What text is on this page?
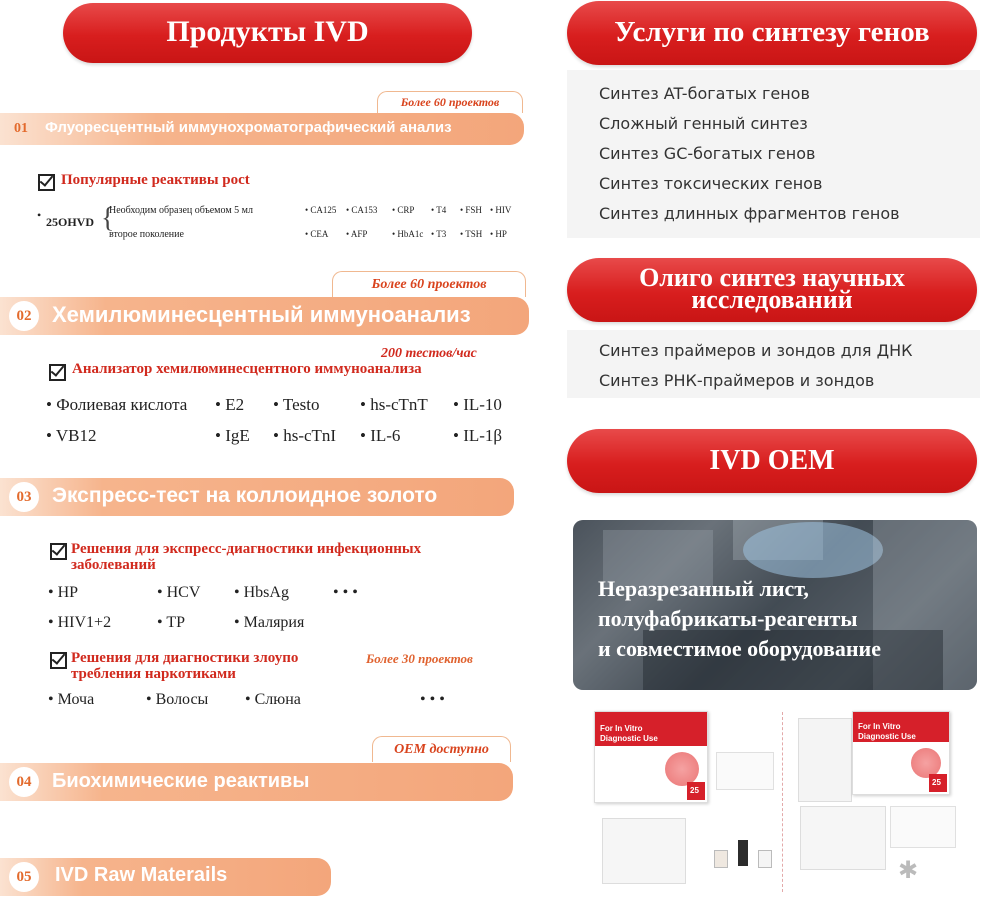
Продукты IVD
Более 60 проектов
01	Флуоресцентный иммунохроматографический анализ
Популярные реактивы poct
• 25OHVD {
Необходим образец объемом 5 мл
второе поколение
• CA125 • CA153 • CRP • T4 • FSH • HIV
• CEA • AFP	• HbA1c • T3 • TSH • HP
Более 60 проектов
02 Хемилюминесцентный иммуноанализ
200 тестов/час
Анализатор хемилюминесцентного иммуноанализа
• Фолиевая кислота • E2 • Testo • hs-cTnT • IL-10
• VB12	• IgE • hs-cTnI • IL-6	• IL-1β
03 Экспресс-тест на коллоидное золото
Решения для экспресс-диагностики инфекционных
заболеваний
• HP	• HCV • HbsAg	• • •
• HIV1+2	• TP	• Малярия
Решения для диагностики злоупо
требления наркотиками
Более 30 проектов
• Моча	• Волосы • Слюна	• • •
OEM доступно
04	Биохимические реактивы
05	IVD Raw Materails
Услуги по синтезу генов
Синтез AT-богатых генов
Сложный генный синтез
Синтез GC-богатых генов
Синтез токсических генов
Синтез длинных фрагментов генов
Олиго синтез научных
исследований
Синтез праймеров и зондов для ДНК
Синтез РНК-праймеров и зондов
IVD OEM
Неразрезанный лист,
полуфабрикаты-реагенты
и совместимое оборудование
For In Vitro
Diagnostic Use
25
For In Vitro
Diagnostic Use
25
✱
